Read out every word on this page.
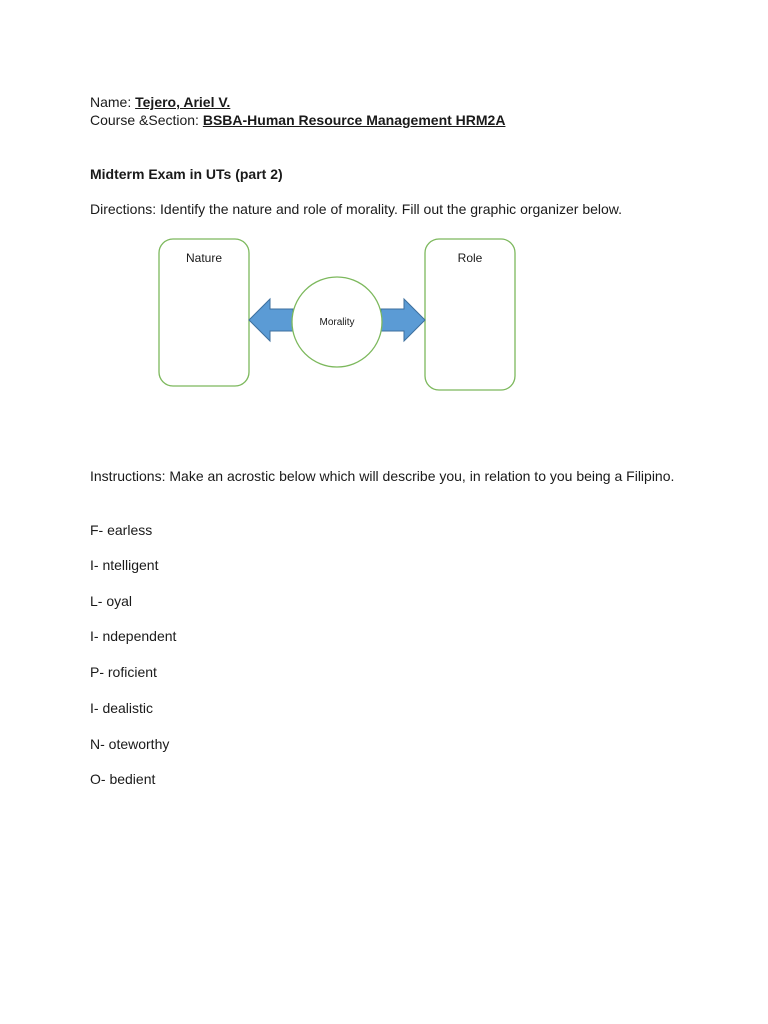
Name: Tejero, Ariel V.
Course &Section: BSBA-Human Resource Management HRM2A
Midterm Exam in UTs (part 2)
Directions: Identify the nature and role of morality. Fill out the graphic organizer below.
Nature	Role
Morality
Instructions: Make an acrostic below which will describe you, in relation to you being a Filipino.
F- earless
I- ntelligent
L- oyal
I- ndependent
P- roficient
I- dealistic
N- oteworthy
O- bedient
